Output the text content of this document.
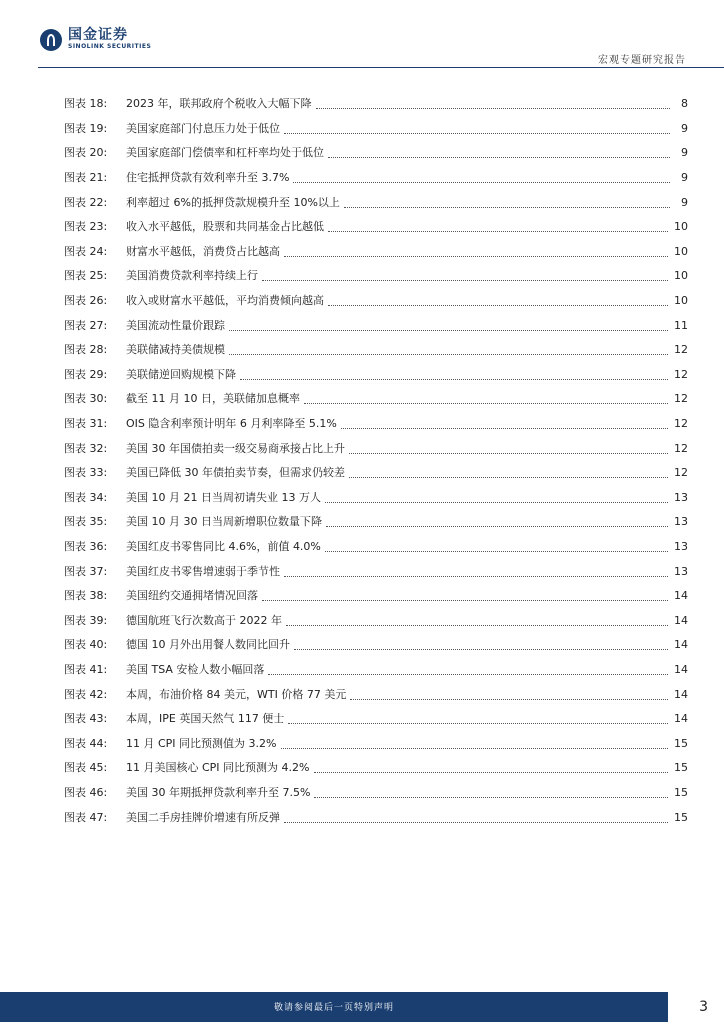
国金证券
SINOLINK SECURITIES
宏观专题研究报告
图表 18:	2023 年，联邦政府个税收入大幅下降	8
图表 19:	美国家庭部门付息压力处于低位	9
图表 20:	美国家庭部门偿债率和杠杆率均处于低位	9
图表 21:	住宅抵押贷款有效利率升至 3.7%	9
图表 22:	利率超过 6%的抵押贷款规模升至 10%以上	9
图表 23:	收入水平越低，股票和共同基金占比越低	10
图表 24:	财富水平越低，消费贷占比越高	10
图表 25:	美国消费贷款利率持续上行	10
图表 26:	收入或财富水平越低，平均消费倾向越高	10
图表 27:	美国流动性量价跟踪	11
图表 28:	美联储减持美债规模	12
图表 29:	美联储逆回购规模下降	12
图表 30:	截至 11 月 10 日，美联储加息概率	12
图表 31:	OIS 隐含利率预计明年 6 月利率降至 5.1%	12
图表 32:	美国 30 年国债拍卖一级交易商承接占比上升	12
图表 33:	美国已降低 30 年债拍卖节奏，但需求仍较差	12
图表 34:	美国 10 月 21 日当周初请失业 13 万人	13
图表 35:	美国 10 月 30 日当周新增职位数量下降	13
图表 36:	美国红皮书零售同比 4.6%，前值 4.0%	13
图表 37:	美国红皮书零售增速弱于季节性	13
图表 38:	美国纽约交通拥堵情况回落	14
图表 39:	德国航班飞行次数高于 2022 年	14
图表 40:	德国 10 月外出用餐人数同比回升	14
图表 41:	美国 TSA 安检人数小幅回落	14
图表 42:	本周，布油价格 84 美元，WTI 价格 77 美元	14
图表 43:	本周，IPE 英国天然气 117 便士	14
图表 44:	11 月 CPI 同比预测值为 3.2%	15
图表 45:	11 月美国核心 CPI 同比预测为 4.2%	15
图表 46:	美国 30 年期抵押贷款利率升至 7.5%	15
图表 47:	美国二手房挂牌价增速有所反弹	15
敬请参阅最后一页特别声明	3
